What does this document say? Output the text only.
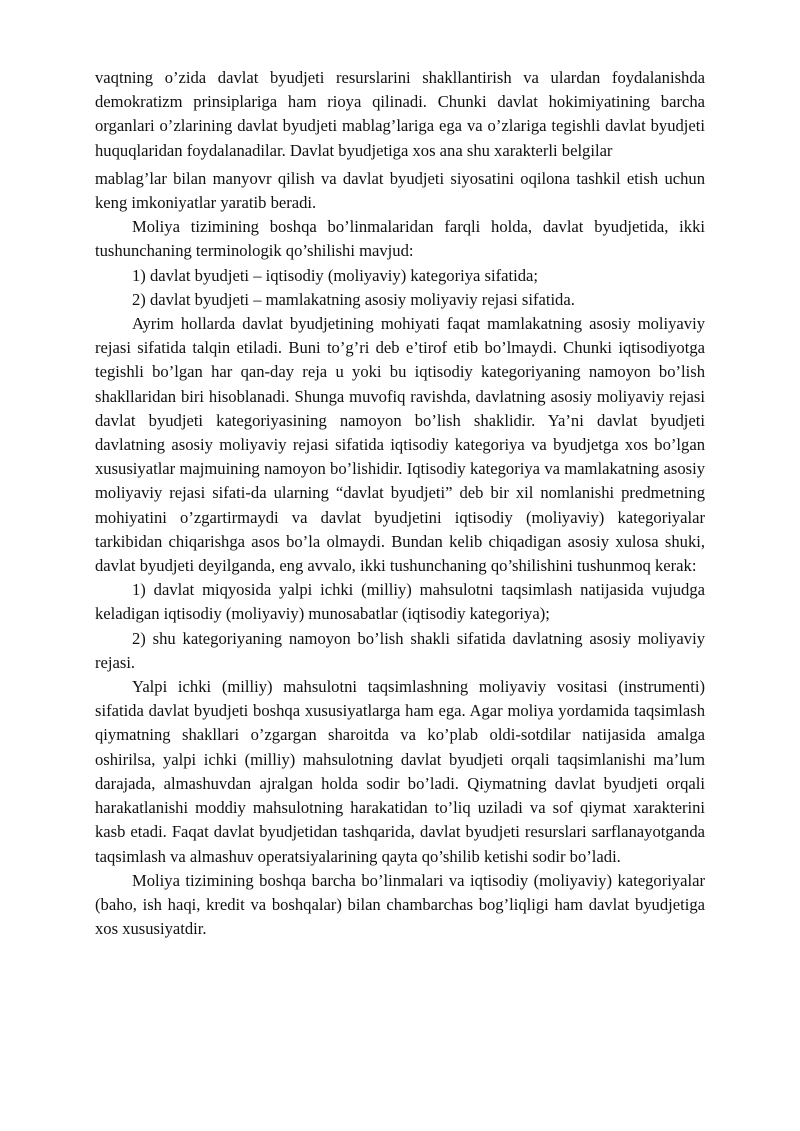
vaqtning o’zida davlat byudjeti resurslarini shakllantirish va ulardan foydalanishda demokratizm prinsiplariga ham rioya qilinadi. Chunki davlat hokimiyatining barcha organlari o’zlarining davlat byudjeti mablag’lariga ega va o’zlariga tegishli davlat byudjeti huquqlaridan foydalanadilar. Davlat byudjetiga xos ana shu xarakterli belgilar

mablag’lar bilan manyovr qilish va davlat byudjeti siyosatini oqilona tashkil etish uchun keng imkoniyatlar yaratib beradi.

Moliya tizimining boshqa bo’linmalaridan farqli holda, davlat byudjetida, ikki tushunchaning terminologik qo’shilishi mavjud:

1) davlat byudjeti – iqtisodiy (moliyaviy) kategoriya sifatida;

2) davlat byudjeti – mamlakatning asosiy moliyaviy rejasi sifatida.

Ayrim hollarda davlat byudjetining mohiyati faqat mamlakatning asosiy moliyaviy rejasi sifatida talqin etiladi. Buni to’g’ri deb e’tirof etib bo’lmaydi. Chunki iqtisodiyotga tegishli bo’lgan har qan-day reja u yoki bu iqtisodiy kategoriyaning namoyon bo’lish shakllaridan biri hisoblanadi. Shunga muvofiq ravishda, davlatning asosiy moliyaviy rejasi davlat byudjeti kategoriyasining namoyon bo’lish shaklidir. Ya’ni davlat byudjeti davlatning asosiy moliyaviy rejasi sifatida iqtisodiy kategoriya va byudjetga xos bo’lgan xususiyatlar majmuining namoyon bo’lishidir. Iqtisodiy kategoriya va mamlakatning asosiy moliyaviy rejasi sifati-da ularning “davlat byudjeti” deb bir xil nomlanishi predmetning mohiyatini o’zgartirmaydi va davlat byudjetini iqtisodiy (moliyaviy) kategoriyalar tarkibidan chiqarishga asos bo’la olmaydi. Bundan kelib chiqadigan asosiy xulosa shuki, davlat byudjeti deyilganda, eng avvalo, ikki tushunchaning qo’shilishini tushunmoq kerak:

1) davlat miqyosida yalpi ichki (milliy) mahsulotni taqsimlash natijasida vujudga keladigan iqtisodiy (moliyaviy) munosabatlar (iqtisodiy kategoriya);

2) shu kategoriyaning namoyon bo’lish shakli sifatida davlatning asosiy moliyaviy rejasi.

Yalpi ichki (milliy) mahsulotni taqsimlashning moliyaviy vositasi (instrumenti) sifatida davlat byudjeti boshqa xususiyatlarga ham ega. Agar moliya yordamida taqsimlash qiymatning shakllari o’zgargan sharoitda va ko’plab oldi-sotdilar natijasida amalga oshirilsa, yalpi ichki (milliy) mahsulotning davlat byudjeti orqali taqsimlanishi ma’lum darajada, almashuvdan ajralgan holda sodir bo’ladi. Qiymatning davlat byudjeti orqali harakatlanishi moddiy mahsulotning harakatidan to’liq uziladi va sof qiymat xarakterini kasb etadi. Faqat davlat byudjetidan tashqarida, davlat byudjeti resurslari sarflanayotganda taqsimlash va almashuv operatsiyalarining qayta qo’shilib ketishi sodir bo’ladi.

Moliya tizimining boshqa barcha bo’linmalari va iqtisodiy (moliyaviy) kategoriyalar (baho, ish haqi, kredit va boshqalar) bilan chambarchas bog’liqligi ham davlat byudjetiga xos xususiyatdir.
